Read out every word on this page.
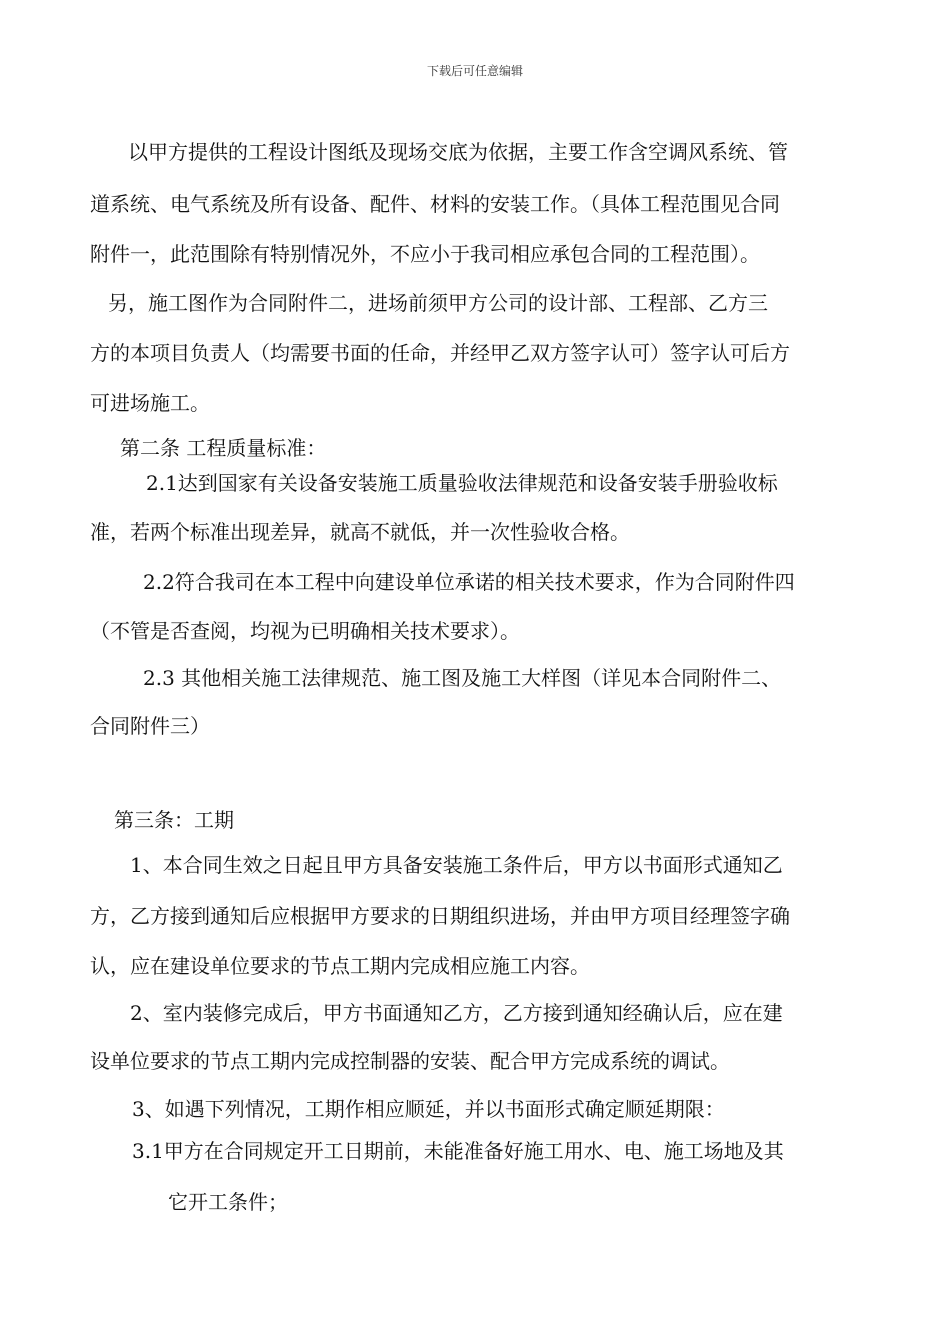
下载后可任意编辑
以甲方提供的工程设计图纸及现场交底为依据，主要工作含空调风系统、管
道系统、电气系统及所有设备、配件、材料的安装工作。（具体工程范围见合同
附件一，此范围除有特别情况外，不应小于我司相应承包合同的工程范围）。
另，施工图作为合同附件二，进场前须甲方公司的设计部、工程部、乙方三
方的本项目负责人（均需要书面的任命，并经甲乙双方签字认可）签字认可后方
可进场施工。
第二条 工程质量标准：
2.1达到国家有关设备安装施工质量验收法律规范和设备安装手册验收标
准，若两个标准出现差异，就高不就低，并一次性验收合格。
2.2符合我司在本工程中向建设单位承诺的相关技术要求，作为合同附件四
（不管是否查阅，均视为已明确相关技术要求）。
2.3 其他相关施工法律规范、施工图及施工大样图（详见本合同附件二、
合同附件三）
第三条：工期
1、本合同生效之日起且甲方具备安装施工条件后，甲方以书面形式通知乙
方，乙方接到通知后应根据甲方要求的日期组织进场，并由甲方项目经理签字确
认，应在建设单位要求的节点工期内完成相应施工内容。
2、室内装修完成后，甲方书面通知乙方，乙方接到通知经确认后，应在建
设单位要求的节点工期内完成控制器的安装、配合甲方完成系统的调试。
3、如遇下列情况，工期作相应顺延，并以书面形式确定顺延期限：
3.1甲方在合同规定开工日期前，未能准备好施工用水、电、施工场地及其
它开工条件；
